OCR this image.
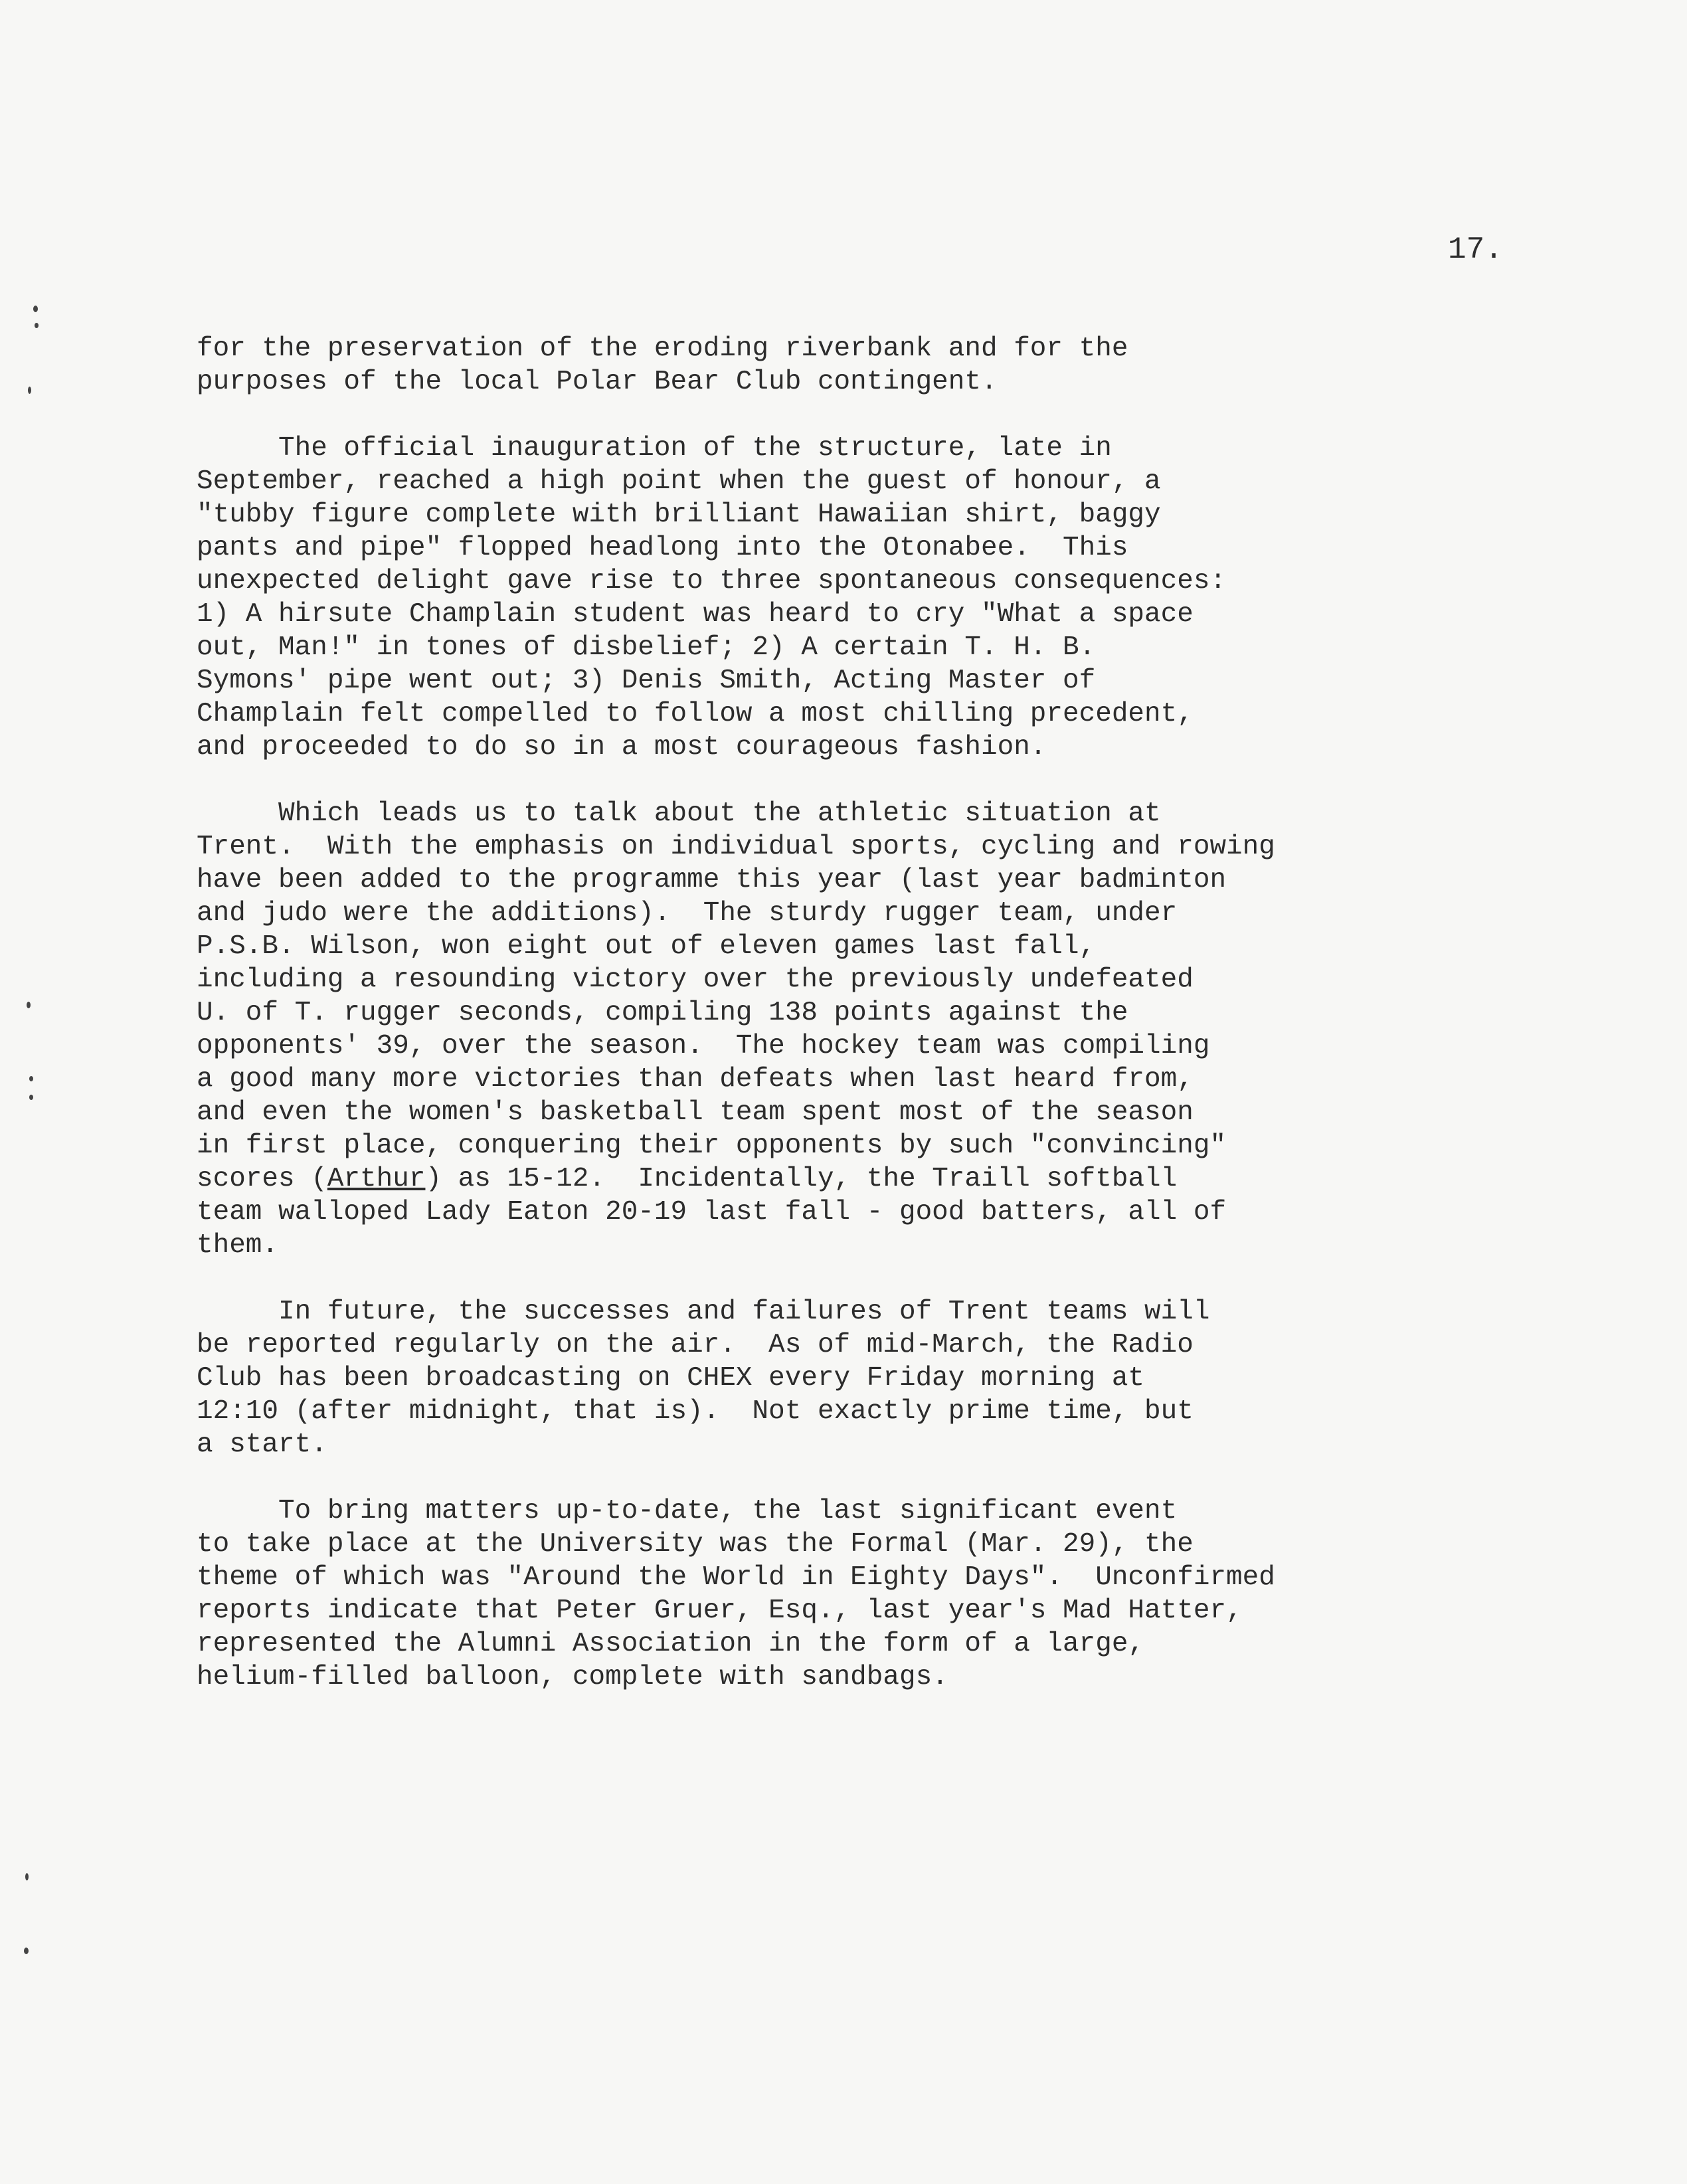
17.

for the preservation of the eroding riverbank and for the
purposes of the local Polar Bear Club contingent.
The official inauguration of the structure, late in
September, reached a high point when the guest of honour, a
"tubby figure complete with brilliant Hawaiian shirt, baggy
pants and pipe" flopped headlong into the Otonabee.  This
unexpected delight gave rise to three spontaneous consequences:
1) A hirsute Champlain student was heard to cry "What a space
out, Man!" in tones of disbelief; 2) A certain T. H. B.
Symons' pipe went out; 3) Denis Smith, Acting Master of
Champlain felt compelled to follow a most chilling precedent,
and proceeded to do so in a most courageous fashion.
Which leads us to talk about the athletic situation at
Trent.  With the emphasis on individual sports, cycling and rowing
have been added to the programme this year (last year badminton
and judo were the additions).  The sturdy rugger team, under
P.S.B. Wilson, won eight out of eleven games last fall,
including a resounding victory over the previously undefeated
U. of T. rugger seconds, compiling 138 points against the
opponents' 39, over the season.  The hockey team was compiling
a good many more victories than defeats when last heard from,
and even the women's basketball team spent most of the season
in first place, conquering their opponents by such "convincing"
scores (Arthur) as 15-12.  Incidentally, the Traill softball
team walloped Lady Eaton 20-19 last fall - good batters, all of
them.
In future, the successes and failures of Trent teams will
be reported regularly on the air.  As of mid-March, the Radio
Club has been broadcasting on CHEX every Friday morning at
12:10 (after midnight, that is).  Not exactly prime time, but
a start.
To bring matters up-to-date, the last significant event
to take place at the University was the Formal (Mar. 29), the
theme of which was "Around the World in Eighty Days".  Unconfirmed
reports indicate that Peter Gruer, Esq., last year's Mad Hatter,
represented the Alumni Association in the form of a large,
helium-filled balloon, complete with sandbags.
